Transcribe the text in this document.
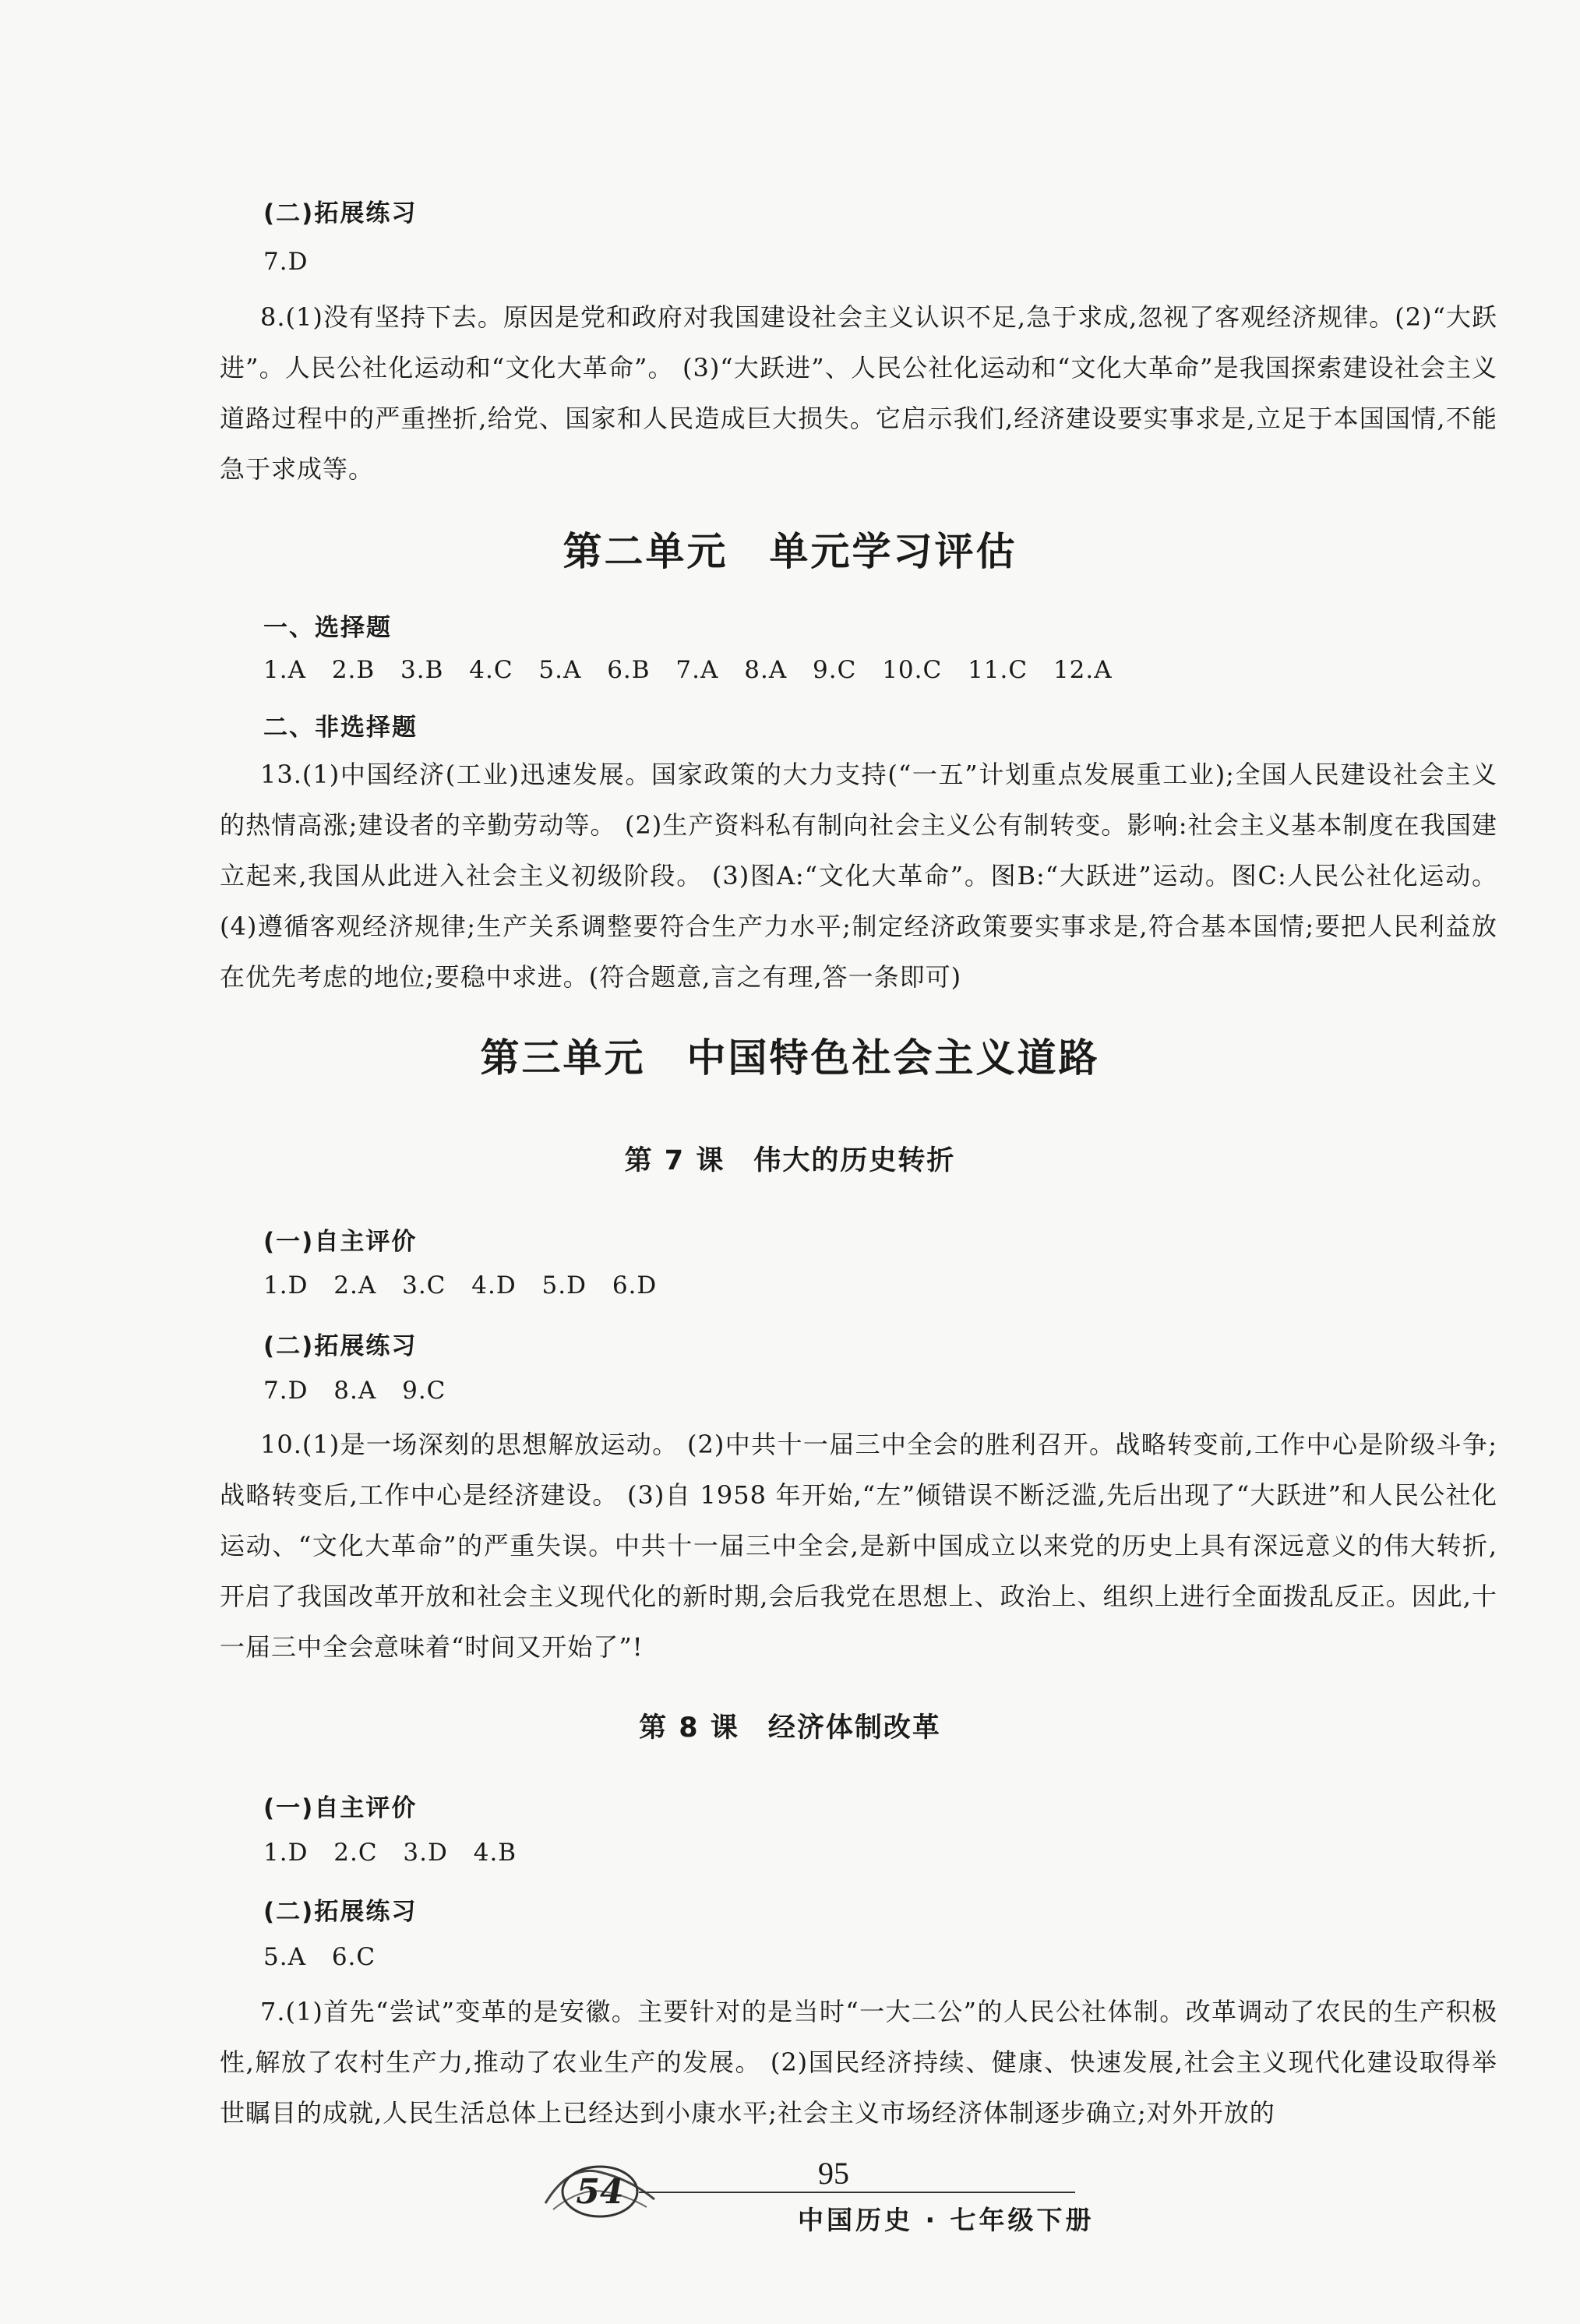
(二)拓展练习
7.D
8.(1)没有坚持下去。原因是党和政府对我国建设社会主义认识不足,急于求成,忽视了客观经济规律。(2)“大跃进”。人民公社化运动和“文化大革命”。 (3)“大跃进”、人民公社化运动和“文化大革命”是我国探索建设社会主义道路过程中的严重挫折,给党、国家和人民造成巨大损失。它启示我们,经济建设要实事求是,立足于本国国情,不能急于求成等。
第二单元　单元学习评估
一、选择题
1.A 2.B 3.B 4.C 5.A 6.B 7.A 8.A 9.C 10.C 11.C 12.A
二、非选择题
13.(1)中国经济(工业)迅速发展。国家政策的大力支持(“一五”计划重点发展重工业);全国人民建设社会主义的热情高涨;建设者的辛勤劳动等。 (2)生产资料私有制向社会主义公有制转变。影响:社会主义基本制度在我国建立起来,我国从此进入社会主义初级阶段。 (3)图A:“文化大革命”。图B:“大跃进”运动。图C:人民公社化运动。 (4)遵循客观经济规律;生产关系调整要符合生产力水平;制定经济政策要实事求是,符合基本国情;要把人民利益放在优先考虑的地位;要稳中求进。(符合题意,言之有理,答一条即可)
第三单元　中国特色社会主义道路
第 7 课　伟大的历史转折
(一)自主评价
1.D 2.A 3.C 4.D 5.D 6.D
(二)拓展练习
7.D 8.A 9.C
10.(1)是一场深刻的思想解放运动。 (2)中共十一届三中全会的胜利召开。战略转变前,工作中心是阶级斗争;战略转变后,工作中心是经济建设。 (3)自 1958 年开始,“左”倾错误不断泛滥,先后出现了“大跃进”和人民公社化运动、“文化大革命”的严重失误。中共十一届三中全会,是新中国成立以来党的历史上具有深远意义的伟大转折,开启了我国改革开放和社会主义现代化的新时期,会后我党在思想上、政治上、组织上进行全面拨乱反正。因此,十一届三中全会意味着“时间又开始了”!
第 8 课　经济体制改革
(一)自主评价
1.D 2.C 3.D 4.B
(二)拓展练习
5.A 6.C
7.(1)首先“尝试”变革的是安徽。主要针对的是当时“一大二公”的人民公社体制。改革调动了农民的生产积极性,解放了农村生产力,推动了农业生产的发展。 (2)国民经济持续、健康、快速发展,社会主义现代化建设取得举世瞩目的成就,人民生活总体上已经达到小康水平;社会主义市场经济体制逐步确立;对外开放的
54	95
中国历史 · 七年级下册
